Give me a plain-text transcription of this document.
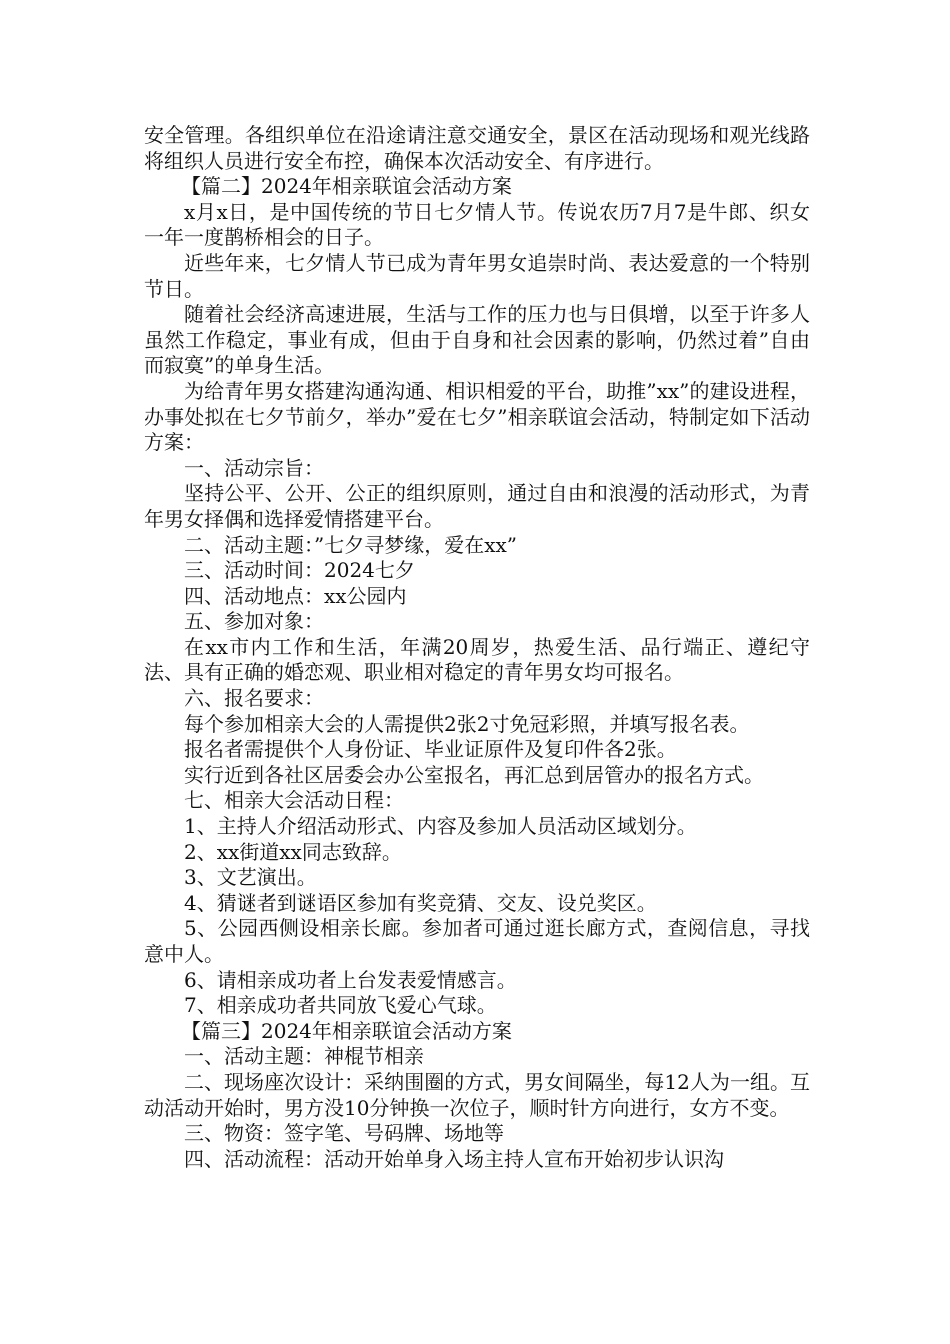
安全管理。各组织单位在沿途请注意交通安全，景区在活动现场和观光线路将组织人员进行安全布控，确保本次活动安全、有序进行。

【篇二】2024年相亲联谊会活动方案

x月x日，是中国传统的节日七夕情人节。传说农历7月7是牛郎、织女一年一度鹊桥相会的日子。

近些年来，七夕情人节已成为青年男女追崇时尚、表达爱意的一个特别节日。

随着社会经济高速进展，生活与工作的压力也与日俱增，以至于许多人虽然工作稳定，事业有成，但由于自身和社会因素的影响，仍然过着”自由而寂寞”的单身生活。

为给青年男女搭建沟通沟通、相识相爱的平台，助推”xx”的建设进程，办事处拟在七夕节前夕，举办”爱在七夕”相亲联谊会活动，特制定如下活动方案：

一、活动宗旨：

坚持公平、公开、公正的组织原则，通过自由和浪漫的活动形式，为青年男女择偶和选择爱情搭建平台。

二、活动主题：”七夕寻梦缘，爱在xx”

三、活动时间：2024七夕

四、活动地点：xx公园内

五、参加对象：

在xx市内工作和生活，年满20周岁，热爱生活、品行端正、遵纪守法、具有正确的婚恋观、职业相对稳定的青年男女均可报名。

六、报名要求：

每个参加相亲大会的人需提供2张2寸免冠彩照，并填写报名表。

报名者需提供个人身份证、毕业证原件及复印件各2张。

实行近到各社区居委会办公室报名，再汇总到居管办的报名方式。

七、相亲大会活动日程：

1、主持人介绍活动形式、内容及参加人员活动区域划分。

2、xx街道xx同志致辞。

3、文艺演出。

4、猜谜者到谜语区参加有奖竞猜、交友、设兑奖区。

5、公园西侧设相亲长廊。参加者可通过逛长廊方式，查阅信息，寻找意中人。

6、请相亲成功者上台发表爱情感言。

7、相亲成功者共同放飞爱心气球。

【篇三】2024年相亲联谊会活动方案

一、活动主题：神棍节相亲

二、现场座次设计：采纳围圈的方式，男女间隔坐，每12人为一组。互动活动开始时，男方没10分钟换一次位子，顺时针方向进行，女方不变。

三、物资：签字笔、号码牌、场地等

四、活动流程：活动开始单身入场主持人宣布开始初步认识沟
